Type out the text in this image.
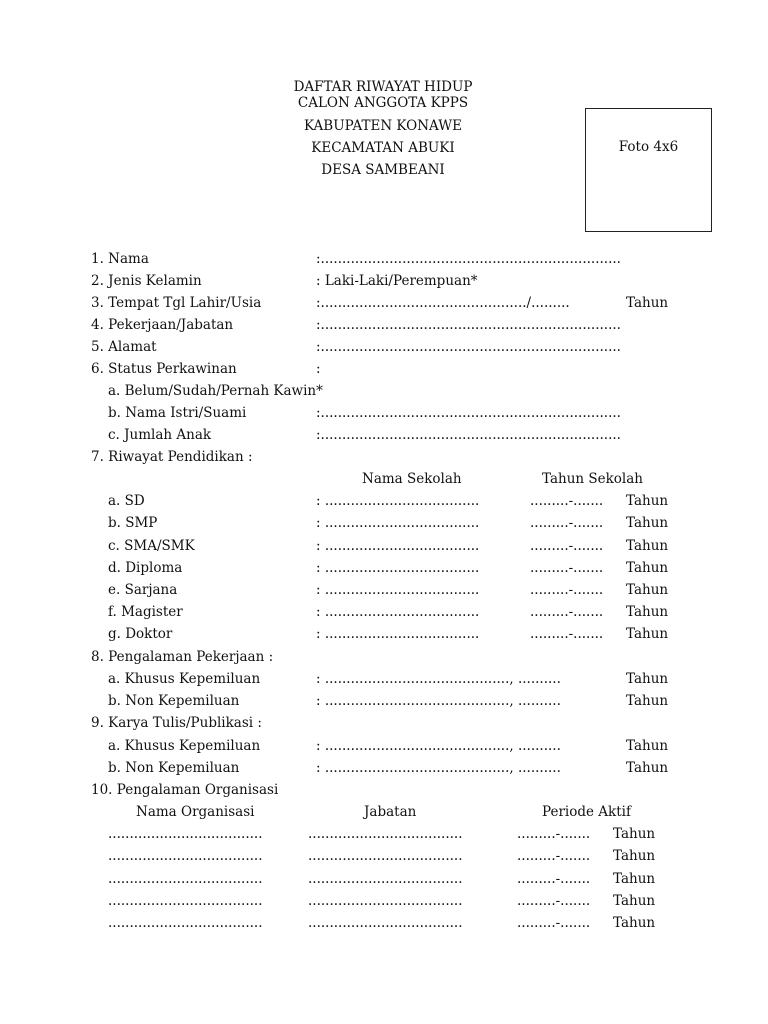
DAFTAR RIWAYAT HIDUP
CALON ANGGOTA KPPS
KABUPATEN KONAWE
KECAMATAN ABUKI
DESA SAMBEANI
Foto 4x6
1. Nama	:......................................................................
2. Jenis Kelamin	: Laki-Laki/Perempuan*
3. Tempat Tgl Lahir/Usia	:................................................/.........	Tahun
4. Pekerjaan/Jabatan	:......................................................................
5. Alamat	:......................................................................
6. Status Perkawinan	:
a. Belum/Sudah/Pernah Kawin*
b. Nama Istri/Suami	:......................................................................
c. Jumlah Anak	:......................................................................
7. Riwayat Pendidikan :
Nama Sekolah	Tahun Sekolah
a. SD	: ....................................	.........-....... Tahun
b. SMP	: ....................................	.........-....... Tahun
c. SMA/SMK	: ....................................	.........-....... Tahun
d. Diploma	: ....................................	.........-....... Tahun
e. Sarjana	: ....................................	.........-....... Tahun
f. Magister	: ....................................	.........-....... Tahun
g. Doktor	: ....................................	.........-....... Tahun
8. Pengalaman Pekerjaan :
a. Khusus Kepemiluan	: ..........................................., ..........	Tahun
b. Non Kepemiluan	: ..........................................., ..........	Tahun
9. Karya Tulis/Publikasi :
a. Khusus Kepemiluan	: ..........................................., ..........	Tahun
b. Non Kepemiluan	: ..........................................., ..........	Tahun
10. Pengalaman Organisasi
Nama Organisasi	Jabatan	Periode Aktif
....................................	....................................	.........-....... Tahun
....................................	....................................	.........-....... Tahun
....................................	....................................	.........-....... Tahun
....................................	....................................	.........-....... Tahun
....................................	....................................	.........-....... Tahun
